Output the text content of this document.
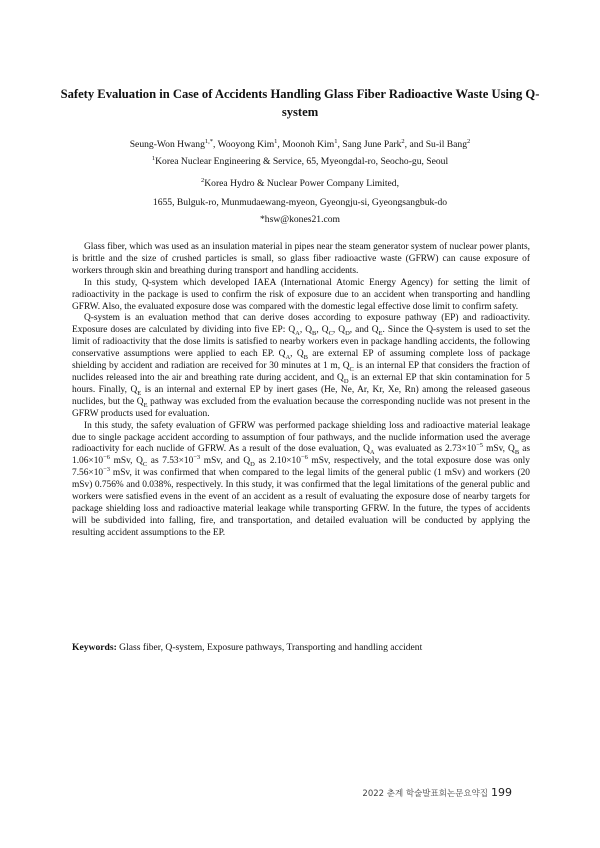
Safety Evaluation in Case of Accidents Handling Glass Fiber Radioactive Waste Using Q-system
Seung-Won Hwang$^{1,*}$, Wooyong Kim$^1$, Moonoh Kim$^1$, Sang June Park$^2$, and Su-il Bang$^2$
$^1$Korea Nuclear Engineering & Service, 65, Myeongdal-ro, Seocho-gu, Seoul
$^2$Korea Hydro & Nuclear Power Company Limited,
1655, Bulguk-ro, Munmudaewang-myeon, Gyeongju-si, Gyeongsangbuk-do
*hsw@kones21.com

Glass fiber, which was used as an insulation material in pipes near the steam generator system of nuclear power plants, is brittle and the size of crushed particles is small, so glass fiber radioactive waste (GFRW) can cause exposure of workers through skin and breathing during transport and handling accidents.

In this study, Q-system which developed IAEA (International Atomic Energy Agency) for setting the limit of radioactivity in the package is used to confirm the risk of exposure due to an accident when transporting and handling GFRW. Also, the evaluated exposure dose was compared with the domestic legal effective dose limit to confirm safety.

Q-system is an evaluation method that can derive doses according to exposure pathway (EP) and radioactivity. Exposure doses are calculated by dividing into five EP: $Q_A$, $Q_B$, $Q_C$, $Q_D$, and $Q_E$. Since the Q-system is used to set the limit of radioactivity that the dose limits is satisfied to nearby workers even in package handling accidents, the following conservative assumptions were applied to each EP. $Q_A$, $Q_B$ are external EP of assuming complete loss of package shielding by accident and radiation are received for 30 minutes at 1 m, $Q_C$ is an internal EP that considers the fraction of nuclides released into the air and breathing rate during accident, and $Q_D$ is an external EP that skin contamination for 5 hours. Finally, $Q_E$ is an internal and external EP by inert gases (He, Ne, Ar, Kr, Xe, Rn) among the released gaseous nuclides, but the $Q_E$ pathway was excluded from the evaluation because the corresponding nuclide was not present in the GFRW products used for evaluation.

In this study, the safety evaluation of GFRW was performed package shielding loss and radioactive material leakage due to single package accident according to assumption of four pathways, and the nuclide information used the average radioactivity for each nuclide of GFRW. As a result of the dose evaluation, $Q_A$ was evaluated as $2.73\times 10^{-5}$ mSv, $Q_B$ as $1.06\times 10^{-6}$ mSv, $Q_C$ as $7.53\times 10^{-3}$ mSv, and $Q_D$ as $2.10\times 10^{-6}$ mSv, respectively, and the total exposure dose was only $7.56\times 10^{-3}$ mSv, it was confirmed that when compared to the legal limits of the general public (1 mSv) and workers (20 mSv) 0.756% and 0.038%, respectively. In this study, it was confirmed that the legal limitations of the general public and workers were satisfied evens in the event of an accident as a result of evaluating the exposure dose of nearby targets for package shielding loss and radioactive material leakage while transporting GFRW. In the future, the types of accidents will be subdivided into falling, fire, and transportation, and detailed evaluation will be conducted by applying the resulting accident assumptions to the EP.

Keywords: Glass fiber, Q-system, Exposure pathways, Transporting and handling accident
2022 춘계 학술발표회논문요약집 199
